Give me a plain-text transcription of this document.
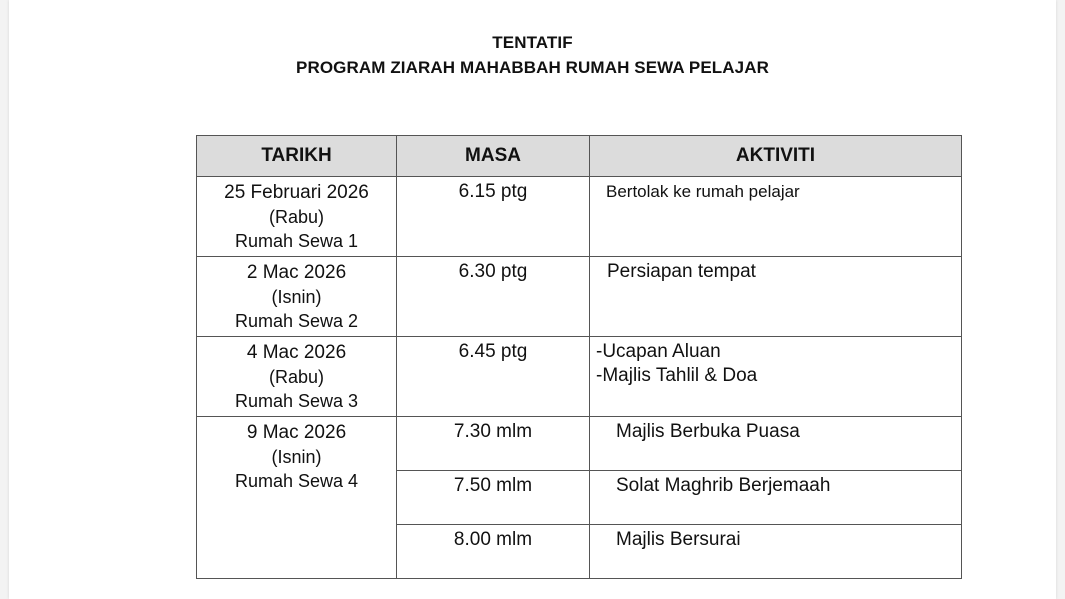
TENTATIF
PROGRAM ZIARAH MAHABBAH RUMAH SEWA PELAJAR
TARIKH	MASA	AKTIVITI

25 Februari 2026
(Rabu)
Rumah Sewa 1	6.15 ptg	Bertolak ke rumah pelajar

2 Mac 2026
(Isnin)
Rumah Sewa 2	6.30 ptg	Persiapan tempat

4 Mac 2026
(Rabu)
Rumah Sewa 3	6.45 ptg	-Ucapan Aluan
-Majlis Tahlil & Doa

9 Mac 2026
(Isnin)
Rumah Sewa 4	7.30 mlm	Majlis Berbuka Puasa
	7.50 mlm	Solat Maghrib Berjemaah
	8.00 mlm	Majlis Bersurai
